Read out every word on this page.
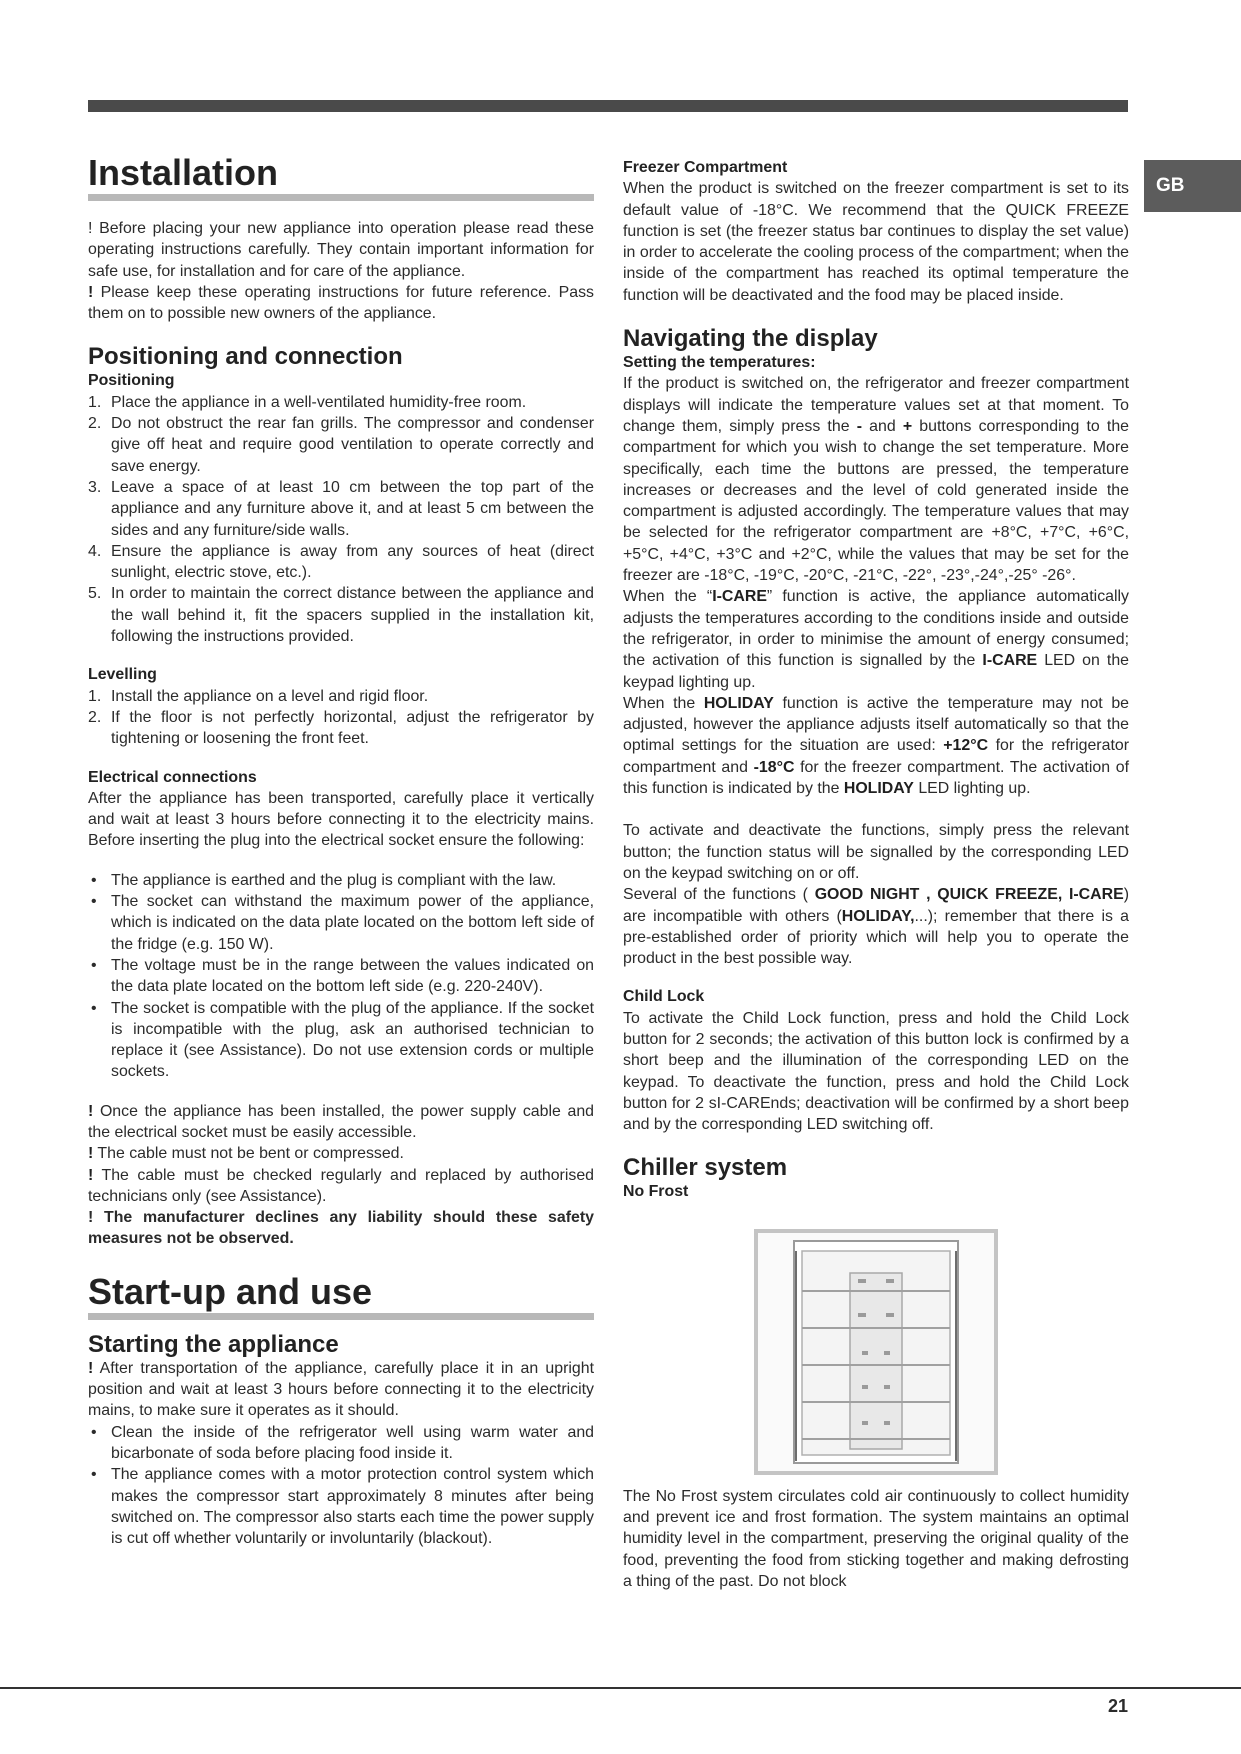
GB
Installation

! Before placing your new appliance into operation please read these operating instructions carefully. They contain important information for safe use, for installation and for care of the appliance.

! Please keep these operating instructions for future reference. Pass them on to possible new owners of the appliance.

Positioning and connection
Positioning
1. Place the appliance in a well-ventilated humidity-free room.
2. Do not obstruct the rear fan grills. The compressor and condenser give off heat and require good ventilation to operate correctly and save energy.
3. Leave a space of at least 10 cm between the top part of the appliance and any furniture above it, and at least 5 cm between the sides and any furniture/side walls.
4. Ensure the appliance is away from any sources of heat (direct sunlight, electric stove, etc.).
5. In order to maintain the correct distance between the appliance and the wall behind it, fit the spacers supplied in the installation kit, following the instructions provided.
Levelling
1. Install the appliance on a level and rigid floor.
2. If the floor is not perfectly horizontal, adjust the refrigerator by tightening or loosening the front feet.
Electrical connections

After the appliance has been transported, carefully place it vertically and wait at least 3 hours before connecting it to the electricity mains. Before inserting the plug into the electrical socket ensure the following:

• The appliance is earthed and the plug is compliant with the law.
• The socket can withstand the maximum power of the appliance, which is indicated on the data plate located on the bottom left side of the fridge (e.g. 150 W).
• The voltage must be in the range between the values indicated on the data plate located on the bottom left side (e.g. 220-240V).
• The socket is compatible with the plug of the appliance. If the socket is incompatible with the plug, ask an authorised technician to replace it (see Assistance). Do not use extension cords or multiple sockets.

! Once the appliance has been installed, the power supply cable and the electrical socket must be easily accessible.

! The cable must not be bent or compressed.

! The cable must be checked regularly and replaced by authorised technicians only (see Assistance).

! The manufacturer declines any liability should these safety measures not be observed.

Start-up and use
Starting the appliance

! After transportation of the appliance, carefully place it in an upright position and wait at least 3 hours before connecting it to the electricity mains, to make sure it operates as it should.

• Clean the inside of the refrigerator well using warm water and bicarbonate of soda before placing food inside it.
• The appliance comes with a motor protection control system which makes the compressor start approximately 8 minutes after being switched on. The compressor also starts each time the power supply is cut off whether voluntarily or involuntarily (blackout).
Freezer Compartment

When the product is switched on the freezer compartment is set to its default value of -18°C. We recommend that the QUICK FREEZE function is set (the freezer status bar continues to display the set value) in order to accelerate the cooling process of the compartment; when the inside of the compartment has reached its optimal temperature the function will be deactivated and the food may be placed inside.

Navigating the display
Setting the temperatures:

If the product is switched on, the refrigerator and freezer compartment displays will indicate the temperature values set at that moment. To change them, simply press the - and + buttons corresponding to the compartment for which you wish to change the set temperature. More specifically, each time the buttons are pressed, the temperature increases or decreases and the level of cold generated inside the compartment is adjusted accordingly. The temperature values that may be selected for the refrigerator compartment are +8°C, +7°C, +6°C, +5°C, +4°C, +3°C and +2°C, while the values that may be set for the freezer are -18°C, -19°C, -20°C, -21°C, -22°, -23°,-24°,-25° -26°.

When the “I-CARE” function is active, the appliance automatically adjusts the temperatures according to the conditions inside and outside the refrigerator, in order to minimise the amount of energy consumed; the activation of this function is signalled by the I-CARE LED on the keypad lighting up.

When the HOLIDAY function is active the temperature may not be adjusted, however the appliance adjusts itself automatically so that the optimal settings for the situation are used: +12°C for the refrigerator compartment and -18°C for the freezer compartment. The activation of this function is indicated by the HOLIDAY LED lighting up.

To activate and deactivate the functions, simply press the relevant button; the function status will be signalled by the corresponding LED on the keypad switching on or off.

Several of the functions ( GOOD NIGHT , QUICK FREEZE, I-CARE) are incompatible with others (HOLIDAY,...); remember that there is a pre-established order of priority which will help you to operate the product in the best possible way.

Child Lock

To activate the Child Lock function, press and hold the Child Lock button for 2 seconds; the activation of this button lock is confirmed by a short beep and the illumination of the corresponding LED on the keypad. To deactivate the function, press and hold the Child Lock button for 2 sI-CAREnds; deactivation will be confirmed by a short beep and by the corresponding LED switching off.

Chiller system
No Frost

The No Frost system circulates cold air continuously to collect humidity and prevent ice and frost formation. The system maintains an optimal humidity level in the compartment, preserving the original quality of the food, preventing the food from sticking together and making defrosting a thing of the past. Do not block

21
